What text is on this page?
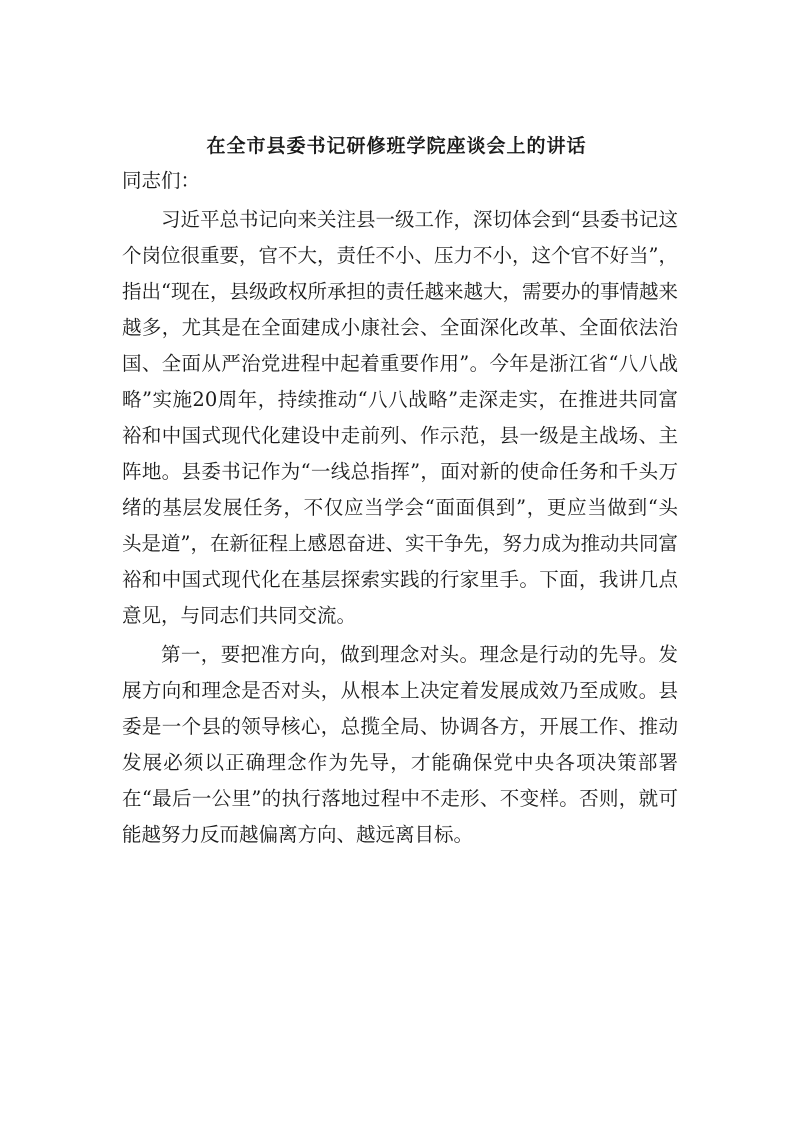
在全市县委书记研修班学院座谈会上的讲话

同志们：

习近平总书记向来关注县一级工作，深切体会到“县委书记这个岗位很重要，官不大，责任不小、压力不小，这个官不好当”，指出“现在，县级政权所承担的责任越来越大，需要办的事情越来越多，尤其是在全面建成小康社会、全面深化改革、全面依法治国、全面从严治党进程中起着重要作用”。今年是浙江省“八八战略”实施20周年，持续推动“八八战略”走深走实，在推进共同富裕和中国式现代化建设中走前列、作示范，县一级是主战场、主阵地。县委书记作为“一线总指挥”，面对新的使命任务和千头万绪的基层发展任务，不仅应当学会“面面俱到”，更应当做到“头头是道”，在新征程上感恩奋进、实干争先，努力成为推动共同富裕和中国式现代化在基层探索实践的行家里手。下面，我讲几点意见，与同志们共同交流。

第一，要把准方向，做到理念对头。理念是行动的先导。发展方向和理念是否对头，从根本上决定着发展成效乃至成败。县委是一个县的领导核心，总揽全局、协调各方，开展工作、推动发展必须以正确理念作为先导，才能确保党中央各项决策部署在“最后一公里”的执行落地过程中不走形、不变样。否则，就可能越努力反而越偏离方向、越远离目标。
